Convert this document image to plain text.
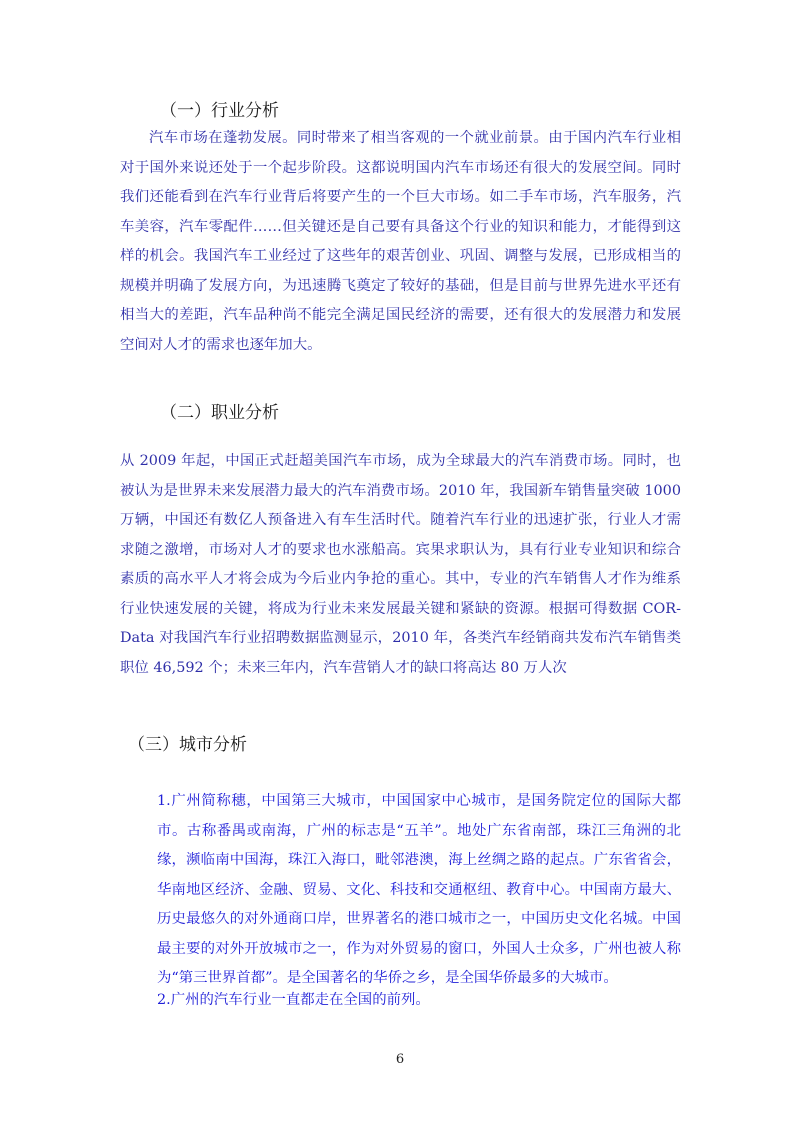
（一）行业分析

汽车市场在蓬勃发展。同时带来了相当客观的一个就业前景。由于国内汽车行业相对于国外来说还处于一个起步阶段。这都说明国内汽车市场还有很大的发展空间。同时我们还能看到在汽车行业背后将要产生的一个巨大市场。如二手车市场，汽车服务，汽车美容，汽车零配件……但关键还是自己要有具备这个行业的知识和能力，才能得到这样的机会。我国汽车工业经过了这些年的艰苦创业、巩固、调整与发展，已形成相当的规模并明确了发展方向，为迅速腾飞奠定了较好的基础，但是目前与世界先进水平还有相当大的差距，汽车品种尚不能完全满足国民经济的需要，还有很大的发展潜力和发展空间对人才的需求也逐年加大。

（二）职业分析

从 2009 年起，中国正式赶超美国汽车市场，成为全球最大的汽车消费市场。同时，也被认为是世界未来发展潜力最大的汽车消费市场。2010 年，我国新车销售量突破 1000 万辆，中国还有数亿人预备进入有车生活时代。随着汽车行业的迅速扩张，行业人才需求随之激增，市场对人才的要求也水涨船高。宾果求职认为，具有行业专业知识和综合素质的高水平人才将会成为今后业内争抢的重心。其中，专业的汽车销售人才作为维系行业快速发展的关键，将成为行业未来发展最关键和紧缺的资源。根据可得数据 COR-Data 对我国汽车行业招聘数据监测显示，2010 年，各类汽车经销商共发布汽车销售类职位 46,592 个；未来三年内，汽车营销人才的缺口将高达 80 万人次

（三）城市分析

1.广州简称穗，中国第三大城市，中国国家中心城市，是国务院定位的国际大都市。古称番禺或南海，广州的标志是“五羊”。地处广东省南部，珠江三角洲的北缘，濒临南中国海，珠江入海口，毗邻港澳，海上丝绸之路的起点。广东省省会，华南地区经济、金融、贸易、文化、科技和交通枢纽、教育中心。中国南方最大、历史最悠久的对外通商口岸，世界著名的港口城市之一，中国历史文化名城。中国最主要的对外开放城市之一，作为对外贸易的窗口，外国人士众多，广州也被人称为“第三世界首都”。是全国著名的华侨之乡，是全国华侨最多的大城市。

2.广州的汽车行业一直都走在全国的前列。

6
